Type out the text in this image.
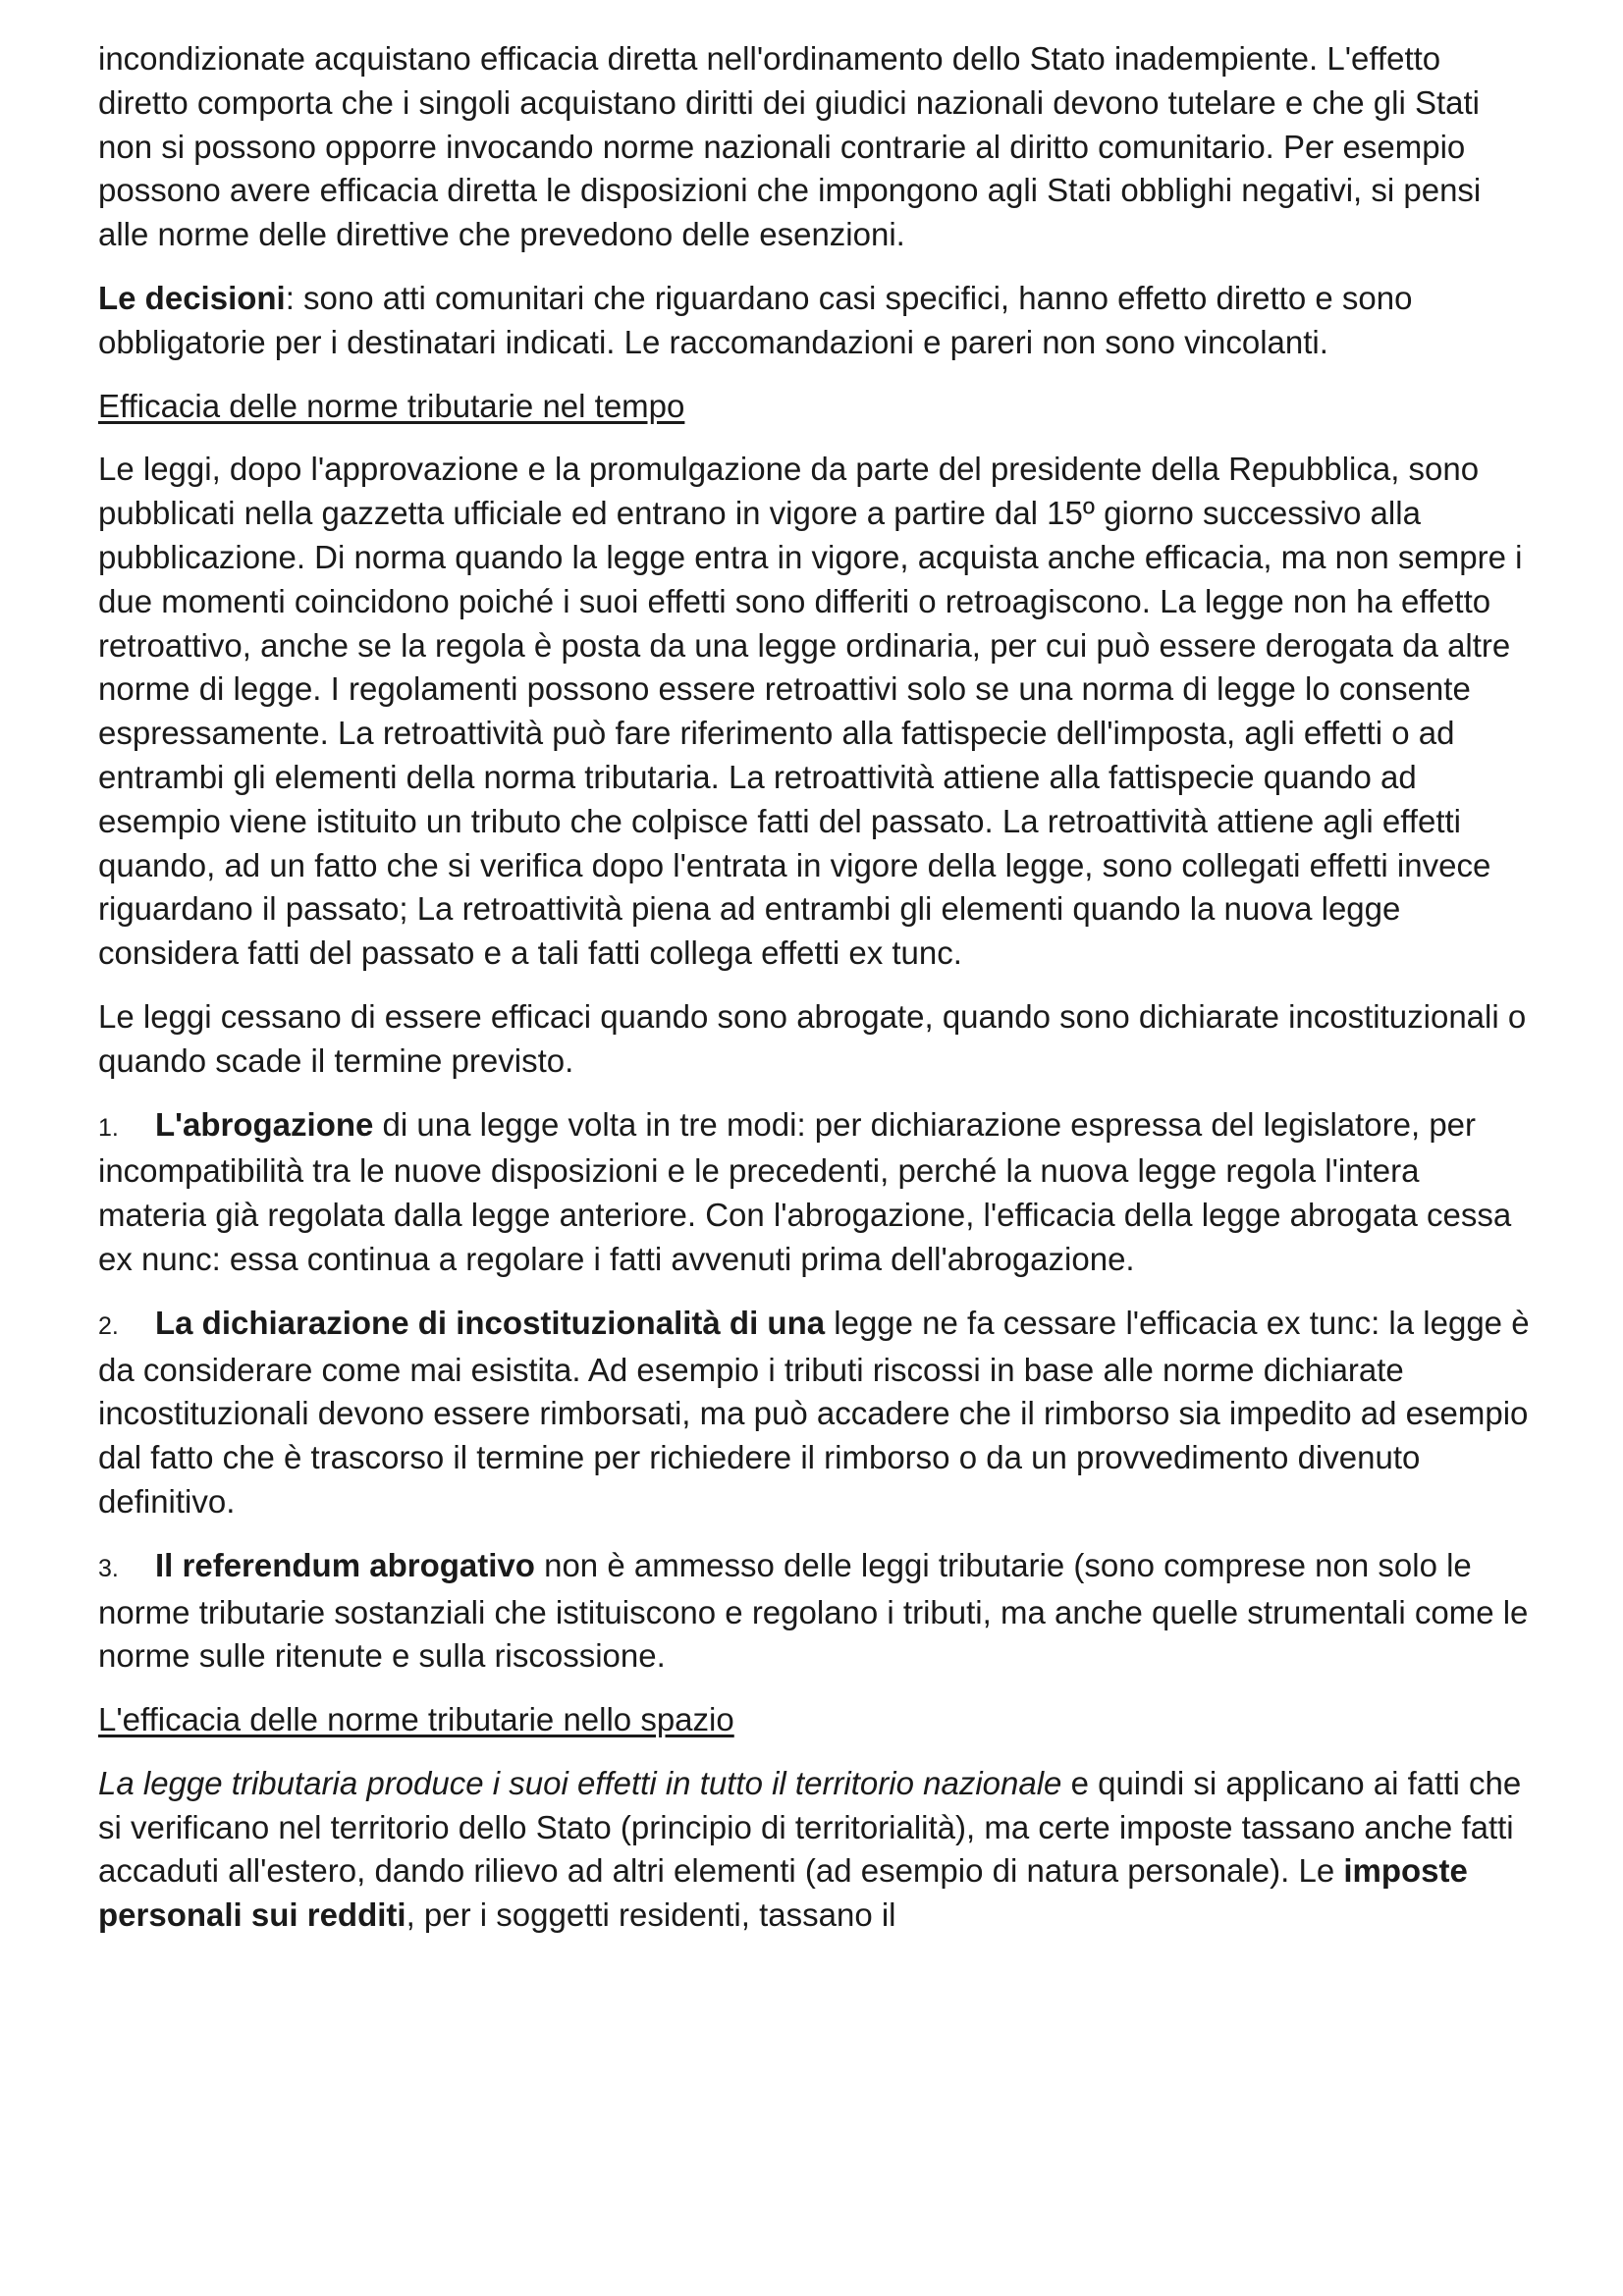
incondizionate acquistano efficacia diretta nell'ordinamento dello Stato inadempiente. L'effetto diretto comporta che i singoli acquistano diritti dei giudici nazionali devono tutelare e che gli Stati non si possono opporre invocando norme nazionali contrarie al diritto comunitario. Per esempio possono avere efficacia diretta le disposizioni che impongono agli Stati obblighi negativi, si pensi alle norme delle direttive che prevedono delle esenzioni.

Le decisioni: sono atti comunitari che riguardano casi specifici, hanno effetto diretto e sono obbligatorie per i destinatari indicati. Le raccomandazioni e pareri non sono vincolanti.

Efficacia delle norme tributarie nel tempo

Le leggi, dopo l'approvazione e la promulgazione da parte del presidente della Repubblica, sono pubblicati nella gazzetta ufficiale ed entrano in vigore a partire dal 15º giorno successivo alla pubblicazione. Di norma quando la legge entra in vigore, acquista anche efficacia, ma non sempre i due momenti coincidono poiché i suoi effetti sono differiti o retroagiscono. La legge non ha effetto retroattivo, anche se la regola è posta da una legge ordinaria, per cui può essere derogata da altre norme di legge. I regolamenti possono essere retroattivi solo se una norma di legge lo consente espressamente. La retroattività può fare riferimento alla fattispecie dell'imposta, agli effetti o ad entrambi gli elementi della norma tributaria. La retroattività attiene alla fattispecie quando ad esempio viene istituito un tributo che colpisce fatti del passato. La retroattività attiene agli effetti quando, ad un fatto che si verifica dopo l'entrata in vigore della legge, sono collegati effetti invece riguardano il passato; La retroattività piena ad entrambi gli elementi quando la nuova legge considera fatti del passato e a tali fatti collega effetti ex tunc.

Le leggi cessano di essere efficaci quando sono abrogate, quando sono dichiarate incostituzionali o quando scade il termine previsto.

1. L'abrogazione di una legge volta in tre modi: per dichiarazione espressa del legislatore, per incompatibilità tra le nuove disposizioni e le precedenti, perché la nuova legge regola l'intera materia già regolata dalla legge anteriore. Con l'abrogazione, l'efficacia della legge abrogata cessa ex nunc: essa continua a regolare i fatti avvenuti prima dell'abrogazione.

2. La dichiarazione di incostituzionalità di una legge ne fa cessare l'efficacia ex tunc: la legge è da considerare come mai esistita. Ad esempio i tributi riscossi in base alle norme dichiarate incostituzionali devono essere rimborsati, ma può accadere che il rimborso sia impedito ad esempio dal fatto che è trascorso il termine per richiedere il rimborso o da un provvedimento divenuto definitivo.

3. Il referendum abrogativo non è ammesso delle leggi tributarie (sono comprese non solo le norme tributarie sostanziali che istituiscono e regolano i tributi, ma anche quelle strumentali come le norme sulle ritenute e sulla riscossione.

L'efficacia delle norme tributarie nello spazio

La legge tributaria produce i suoi effetti in tutto il territorio nazionale e quindi si applicano ai fatti che si verificano nel territorio dello Stato (principio di territorialità), ma certe imposte tassano anche fatti accaduti all'estero, dando rilievo ad altri elementi (ad esempio di natura personale). Le imposte personali sui redditi, per i soggetti residenti, tassano il
